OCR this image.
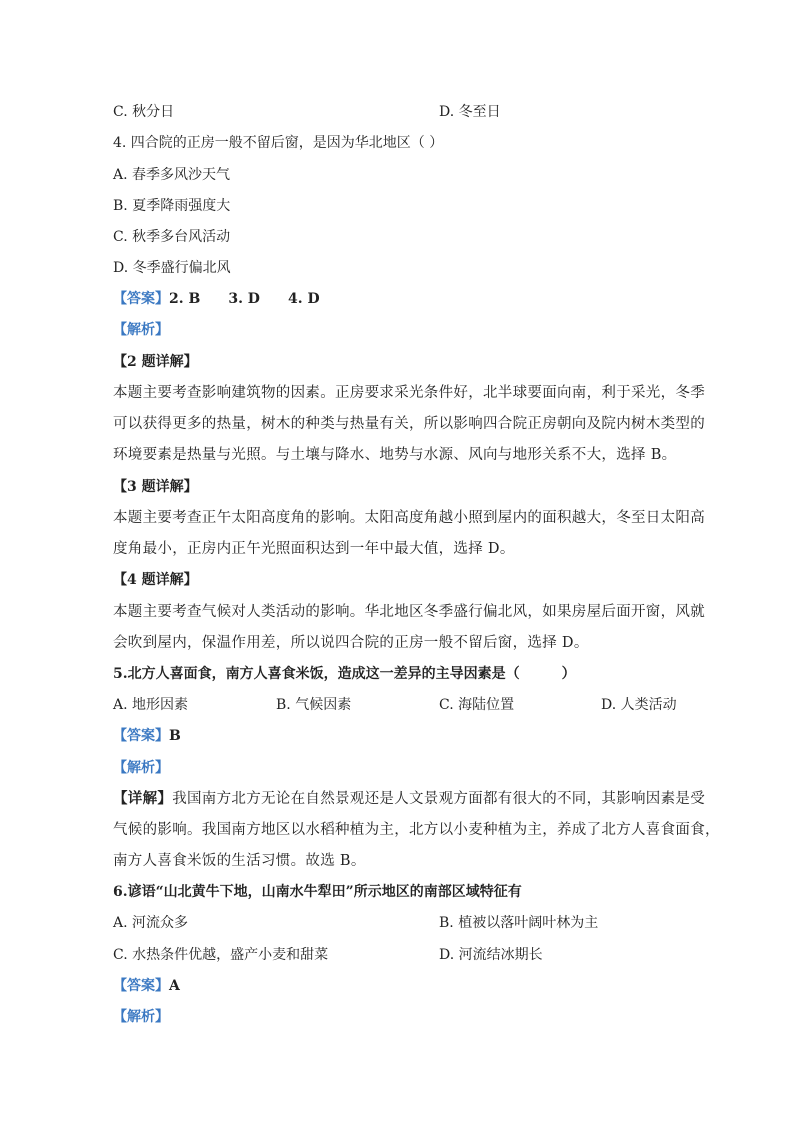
C. 秋分日	D. 冬至日
4. 四合院的正房一般不留后窗，是因为华北地区（ ）
A. 春季多风沙天气
B. 夏季降雨强度大
C. 秋季多台风活动
D. 冬季盛行偏北风
【答案】2. B　　3. D　　4. D
【解析】
【2 题详解】
本题主要考查影响建筑物的因素。正房要求采光条件好，北半球要面向南，利于采光，冬季
可以获得更多的热量，树木的种类与热量有关，所以影响四合院正房朝向及院内树木类型的
环境要素是热量与光照。与土壤与降水、地势与水源、风向与地形关系不大，选择 B。
【3 题详解】
本题主要考查正午太阳高度角的影响。太阳高度角越小照到屋内的面积越大，冬至日太阳高
度角最小，正房内正午光照面积达到一年中最大值，选择 D。
【4 题详解】
本题主要考查气候对人类活动的影响。华北地区冬季盛行偏北风，如果房屋后面开窗，风就
会吹到屋内，保温作用差，所以说四合院的正房一般不留后窗，选择 D。
5.北方人喜面食，南方人喜食米饭，造成这一差异的主导因素是（　　　）
A. 地形因素	B. 气候因素	C. 海陆位置	D. 人类活动
【答案】B
【解析】
【详解】我国南方北方无论在自然景观还是人文景观方面都有很大的不同，其影响因素是受
气候的影响。我国南方地区以水稻种植为主，北方以小麦种植为主，养成了北方人喜食面食，
南方人喜食米饭的生活习惯。故选 B。
6.谚语“山北黄牛下地，山南水牛犁田”所示地区的南部区域特征有
A. 河流众多	B. 植被以落叶阔叶林为主
C. 水热条件优越，盛产小麦和甜菜	D. 河流结冰期长
【答案】A
【解析】
